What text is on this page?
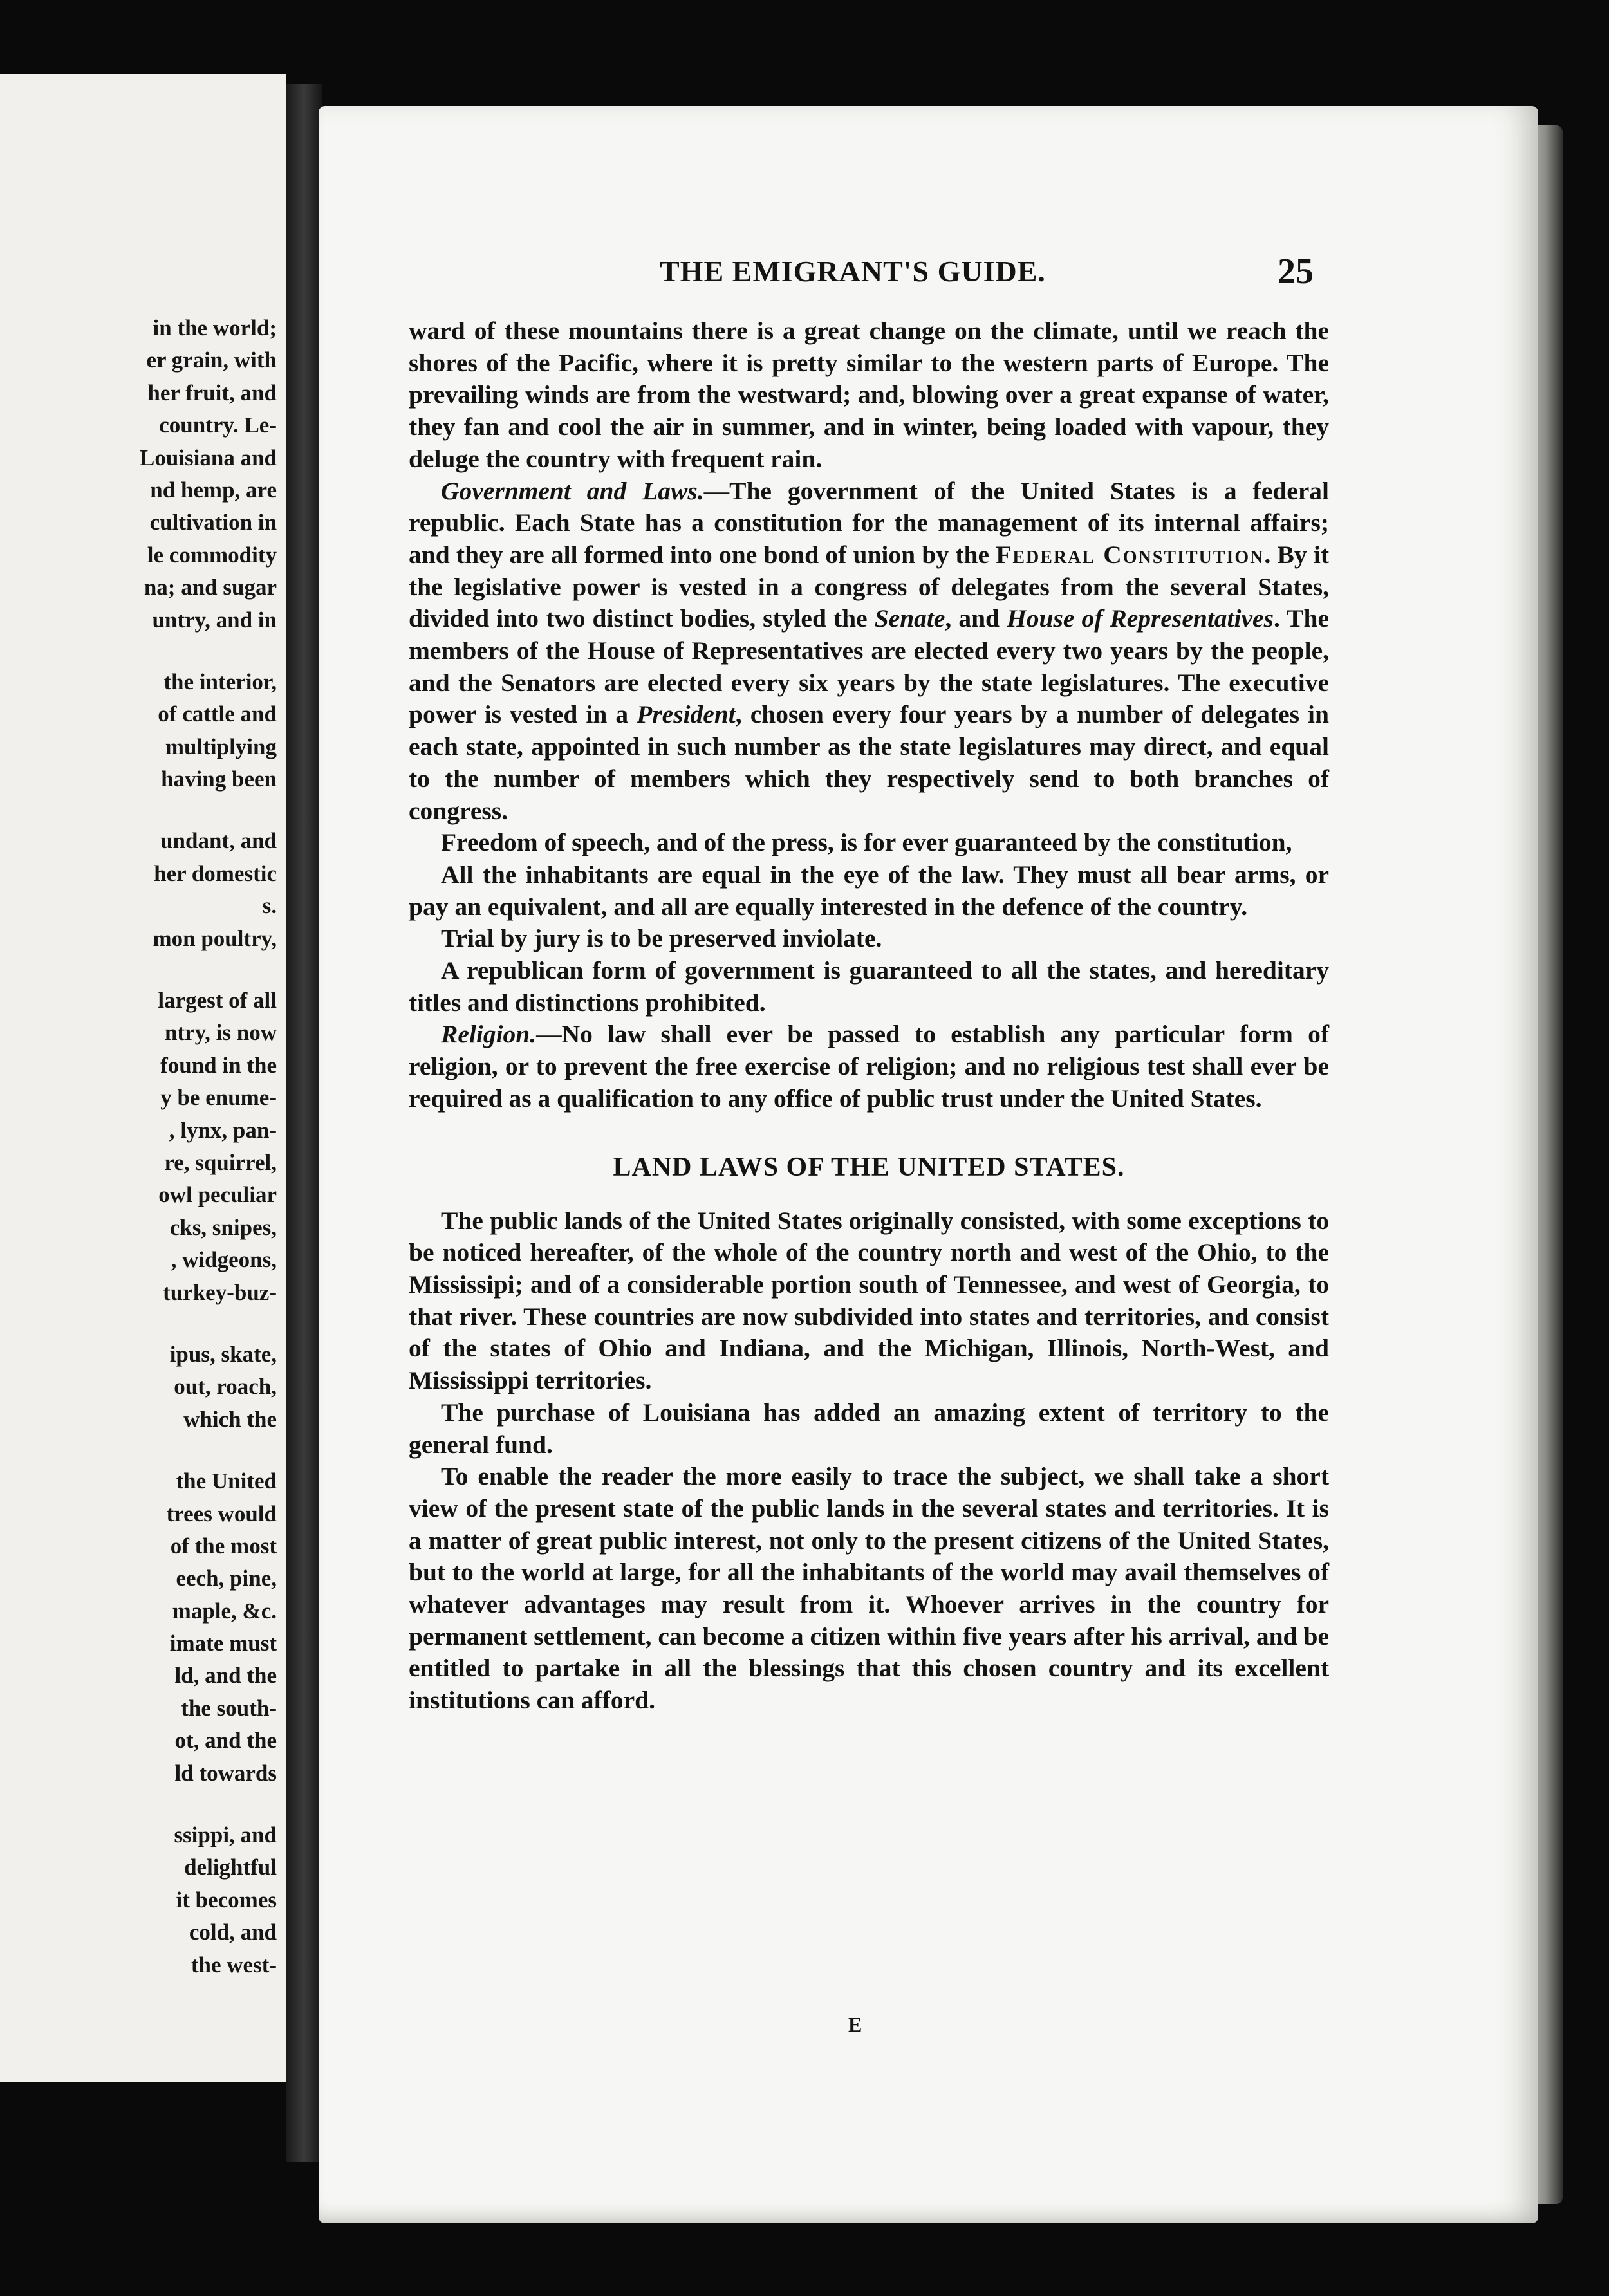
in the world;
er grain, with
her fruit, and
country. Le-
Louisiana and
nd hemp, are
cultivation in
le commodity
na; and sugar
untry, and in
the interior,
of cattle and
multiplying
having been
undant, and
her domestic
s.
mon poultry,
largest of all
ntry, is now
found in the
y be enume-
, lynx, pan-
re, squirrel,
owl peculiar
cks, snipes,
, widgeons,
turkey-buz-
ipus, skate,
out, roach,
which the
the United
trees would
of the most
eech, pine,
maple, &c.
imate must
ld, and the
the south-
ot, and the
ld towards
ssippi, and
delightful
it becomes
cold, and
the west-
THE EMIGRANT'S GUIDE.	25

ward of these mountains there is a great change on the climate, until we reach the shores of the Pacific, where it is pretty similar to the western parts of Europe. The prevailing winds are from the westward; and, blowing over a great expanse of water, they fan and cool the air in summer, and in winter, being loaded with vapour, they deluge the country with frequent rain.

Government and Laws.—The government of the United States is a federal republic. Each State has a constitution for the management of its internal affairs; and they are all formed into one bond of union by the Federal Constitution. By it the legislative power is vested in a congress of delegates from the several States, divided into two distinct bodies, styled the Senate, and House of Representatives. The members of the House of Representatives are elected every two years by the people, and the Senators are elected every six years by the state legislatures. The executive power is vested in a President, chosen every four years by a number of delegates in each state, appointed in such number as the state legislatures may direct, and equal to the number of members which they respectively send to both branches of congress.

Freedom of speech, and of the press, is for ever guaranteed by the constitution,

All the inhabitants are equal in the eye of the law. They must all bear arms, or pay an equivalent, and all are equally interested in the defence of the country.

Trial by jury is to be preserved inviolate.

A republican form of government is guaranteed to all the states, and hereditary titles and distinctions prohibited.

Religion.—No law shall ever be passed to establish any particular form of religion, or to prevent the free exercise of religion; and no religious test shall ever be required as a qualification to any office of public trust under the United States.

LAND LAWS OF THE UNITED STATES.

The public lands of the United States originally consisted, with some exceptions to be noticed hereafter, of the whole of the country north and west of the Ohio, to the Mississipi; and of a considerable portion south of Tennessee, and west of Georgia, to that river. These countries are now subdivided into states and territories, and consist of the states of Ohio and Indiana, and the Michigan, Illinois, North-West, and Mississippi territories.

The purchase of Louisiana has added an amazing extent of territory to the general fund.

To enable the reader the more easily to trace the subject, we shall take a short view of the present state of the public lands in the several states and territories. It is a matter of great public interest, not only to the present citizens of the United States, but to the world at large, for all the inhabitants of the world may avail themselves of whatever advantages may result from it. Whoever arrives in the country for permanent settlement, can become a citizen within five years after his arrival, and be entitled to partake in all the blessings that this chosen country and its excellent institutions can afford.

E
